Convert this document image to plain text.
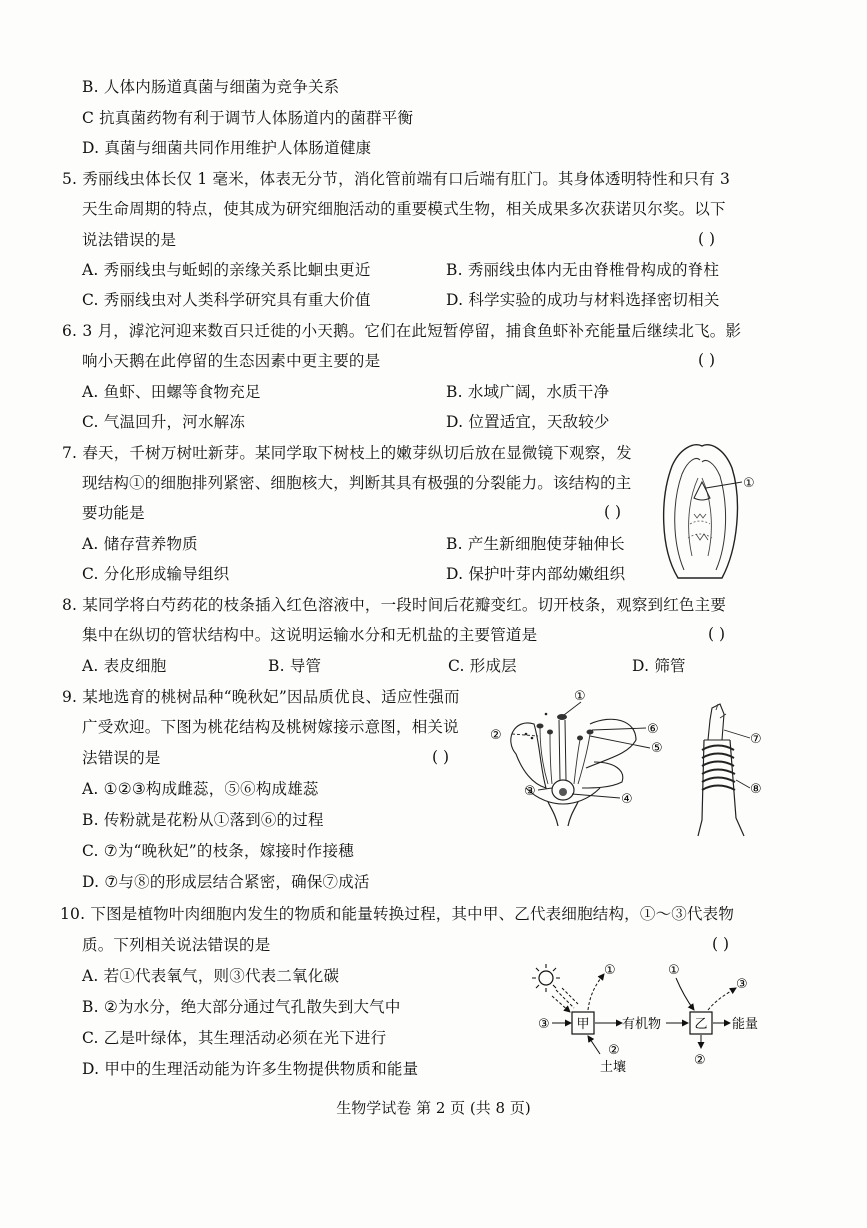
B. 人体内肠道真菌与细菌为竞争关系
C 抗真菌药物有利于调节人体肠道内的菌群平衡
D. 真菌与细菌共同作用维护人体肠道健康
5. 秀丽线虫体长仅 1 毫米，体表无分节，消化管前端有口后端有肛门。其身体透明特性和只有 3
天生命周期的特点，使其成为研究细胞活动的重要模式生物，相关成果多次获诺贝尔奖。以下
说法错误的是	( )
A. 秀丽线虫与蚯蚓的亲缘关系比蛔虫更近	B. 秀丽线虫体内无由脊椎骨构成的脊柱
C. 秀丽线虫对人类科学研究具有重大价值	D. 科学实验的成功与材料选择密切相关
6. 3 月，滹沱河迎来数百只迁徙的小天鹅。它们在此短暂停留，捕食鱼虾补充能量后继续北飞。影
响小天鹅在此停留的生态因素中更主要的是	( )
A. 鱼虾、田螺等食物充足	B. 水域广阔，水质干净
C. 气温回升，河水解冻	D. 位置适宜，天敌较少
7. 春天，千树万树吐新芽。某同学取下树枝上的嫩芽纵切后放在显微镜下观察，发
现结构①的细胞排列紧密、细胞核大，判断其具有极强的分裂能力。该结构的主
要功能是	( )
A. 储存营养物质	B. 产生新细胞使芽轴伸长
C. 分化形成输导组织	D. 保护叶芽内部幼嫩组织
①
8. 某同学将白芍药花的枝条插入红色溶液中，一段时间后花瓣变红。切开枝条，观察到红色主要
集中在纵切的管状结构中。这说明运输水分和无机盐的主要管道是	( )
A. 表皮细胞	B. 导管	C. 形成层	D. 筛管
9. 某地选育的桃树品种“晚秋妃”因品质优良、适应性强而
广受欢迎。下图为桃花结构及桃树嫁接示意图，相关说
法错误的是	( )
A. ①②③构成雌蕊，⑤⑥构成雄蕊
B. 传粉就是花粉从①落到⑥的过程
C. ⑦为“晚秋妃”的枝条，嫁接时作接穗
D. ⑦与⑧的形成层结合紧密，确保⑦成活
①
②
③
④
⑤
⑥
⑦
⑧
10. 下图是植物叶肉细胞内发生的物质和能量转换过程，其中甲、乙代表细胞结构，①～③代表物
质。下列相关说法错误的是	( )
A. 若①代表氧气，则③代表二氧化碳
B. ②为水分，绝大部分通过气孔散失到大气中
C. 乙是叶绿体，其生理活动必须在光下进行
D. 甲中的生理活动能为许多生物提供物质和能量
甲
③
①
②
土壤
有机物	乙
①
③
能量
②
生物学试卷 第 2 页 (共 8 页)
